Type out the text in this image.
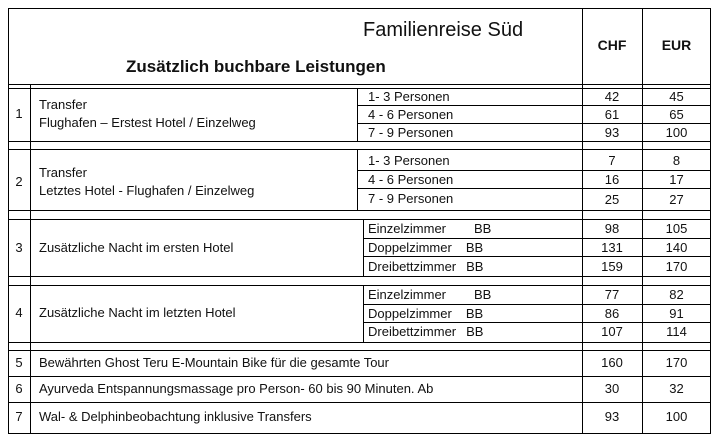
Familienreise Süd
Zusätzlich buchbare Leistungen
CHF	EUR
1
Transfer
Flughafen – Erstest Hotel / Einzelweg
1- 3 Personen	42	45
4 - 6 Personen	61	65
7 - 9 Personen	93	100
2
Transfer
Letztes Hotel - Flughafen / Einzelweg
1- 3 Personen	7	8
4 - 6 Personen	16	17
7 - 9 Personen	25	27
3	Zusätzliche Nacht im ersten Hotel
Einzelzimmer BB	98	105
Doppelzimmer BB	131	140
Dreibettzimmer BB	159	170
4	Zusätzliche Nacht im letzten Hotel
Einzelzimmer BB	77	82
Doppelzimmer BB	86	91
Dreibettzimmer BB	107	114
5	Bewährten Ghost Teru E-Mountain Bike für die gesamte Tour	160	170
6	Ayurveda Entspannungsmassage pro Person- 60 bis 90 Minuten. Ab	30	32
7	Wal- & Delphinbeobachtung inklusive Transfers	93	100
